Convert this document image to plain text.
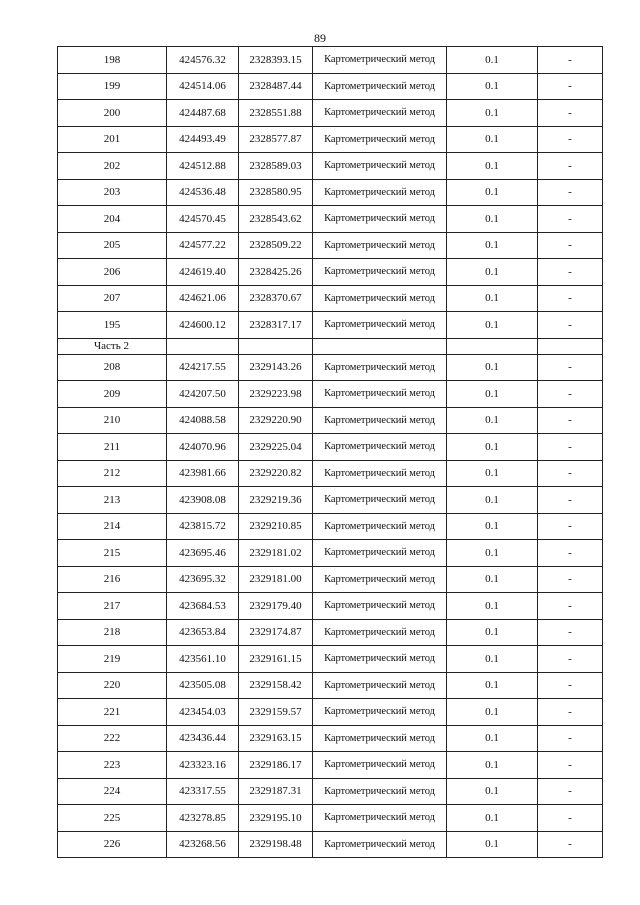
89
198	424576.32	2328393.15	Картометрический метод	0.1	-
199	424514.06	2328487.44	Картометрический метод	0.1	-
200	424487.68	2328551.88	Картометрический метод	0.1	-
201	424493.49	2328577.87	Картометрический метод	0.1	-
202	424512.88	2328589.03	Картометрический метод	0.1	-
203	424536.48	2328580.95	Картометрический метод	0.1	-
204	424570.45	2328543.62	Картометрический метод	0.1	-
205	424577.22	2328509.22	Картометрический метод	0.1	-
206	424619.40	2328425.26	Картометрический метод	0.1	-
207	424621.06	2328370.67	Картометрический метод	0.1	-
195	424600.12	2328317.17	Картометрический метод	0.1	-
Часть 2					
208	424217.55	2329143.26	Картометрический метод	0.1	-
209	424207.50	2329223.98	Картометрический метод	0.1	-
210	424088.58	2329220.90	Картометрический метод	0.1	-
211	424070.96	2329225.04	Картометрический метод	0.1	-
212	423981.66	2329220.82	Картометрический метод	0.1	-
213	423908.08	2329219.36	Картометрический метод	0.1	-
214	423815.72	2329210.85	Картометрический метод	0.1	-
215	423695.46	2329181.02	Картометрический метод	0.1	-
216	423695.32	2329181.00	Картометрический метод	0.1	-
217	423684.53	2329179.40	Картометрический метод	0.1	-
218	423653.84	2329174.87	Картометрический метод	0.1	-
219	423561.10	2329161.15	Картометрический метод	0.1	-
220	423505.08	2329158.42	Картометрический метод	0.1	-
221	423454.03	2329159.57	Картометрический метод	0.1	-
222	423436.44	2329163.15	Картометрический метод	0.1	-
223	423323.16	2329186.17	Картометрический метод	0.1	-
224	423317.55	2329187.31	Картометрический метод	0.1	-
225	423278.85	2329195.10	Картометрический метод	0.1	-
226	423268.56	2329198.48	Картометрический метод	0.1	-
